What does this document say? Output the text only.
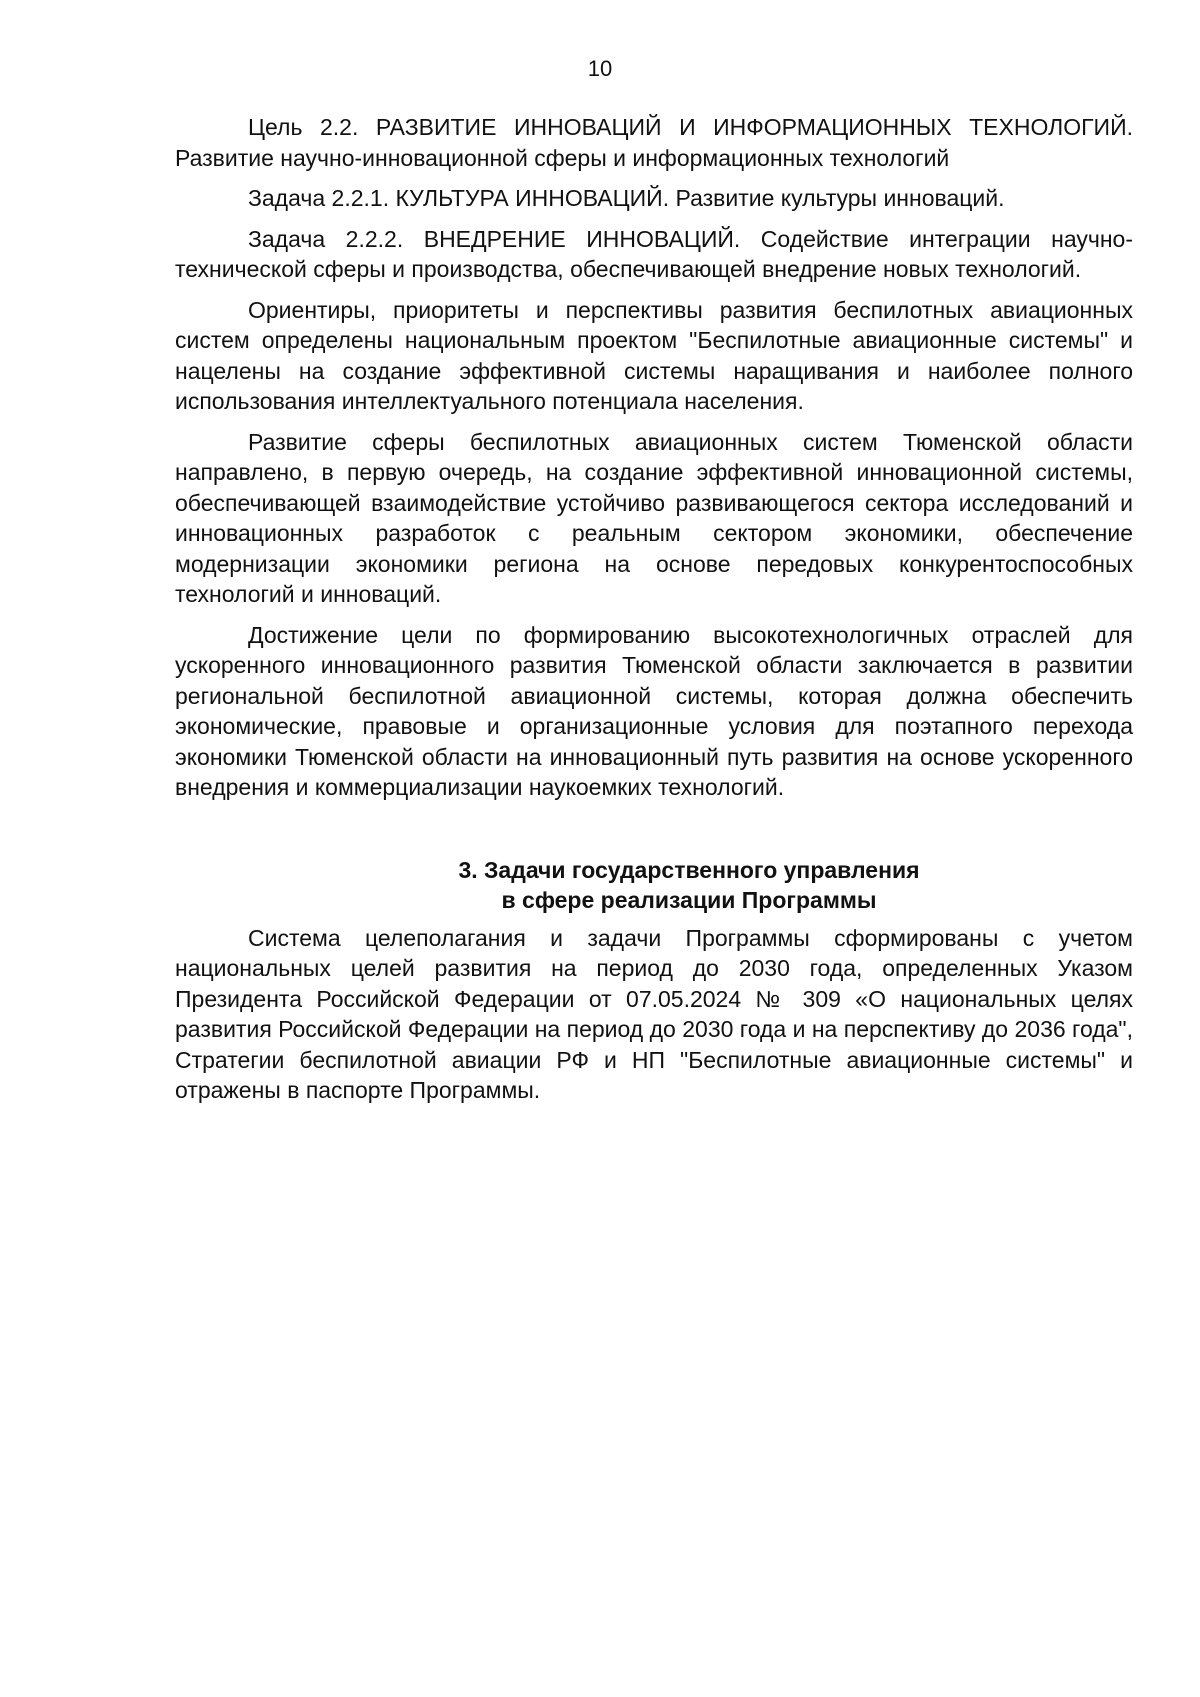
10

Цель 2.2. РАЗВИТИЕ ИННОВАЦИЙ И ИНФОРМАЦИОННЫХ ТЕХНОЛОГИЙ. Развитие научно-инновационной сферы и информационных технологий

Задача 2.2.1. КУЛЬТУРА ИННОВАЦИЙ. Развитие культуры инноваций.

Задача 2.2.2. ВНЕДРЕНИЕ ИННОВАЦИЙ. Содействие интеграции научно-технической сферы и производства, обеспечивающей внедрение новых технологий.

Ориентиры, приоритеты и перспективы развития беспилотных авиационных систем определены национальным проектом "Беспилотные авиационные системы" и нацелены на создание эффективной системы наращивания и наиболее полного использования интеллектуального потенциала населения.

Развитие сферы беспилотных авиационных систем Тюменской области направлено, в первую очередь, на создание эффективной инновационной системы, обеспечивающей взаимодействие устойчиво развивающегося сектора исследований и инновационных разработок с реальным сектором экономики, обеспечение модернизации экономики региона на основе передовых конкурентоспособных технологий и инноваций.

Достижение цели по формированию высокотехнологичных отраслей для ускоренного инновационного развития Тюменской области заключается в развитии региональной беспилотной авиационной системы, которая должна обеспечить экономические, правовые и организационные условия для поэтапного перехода экономики Тюменской области на инновационный путь развития на основе ускоренного внедрения и коммерциализации наукоемких технологий.

3. Задачи государственного управления
в сфере реализации Программы

Система целеполагания и задачи Программы сформированы с учетом национальных целей развития на период до 2030 года, определенных Указом Президента Российской Федерации от 07.05.2024 № 309 «О национальных целях развития Российской Федерации на период до 2030 года и на перспективу до 2036 года", Стратегии беспилотной авиации РФ и НП "Беспилотные авиационные системы" и отражены в паспорте Программы.
